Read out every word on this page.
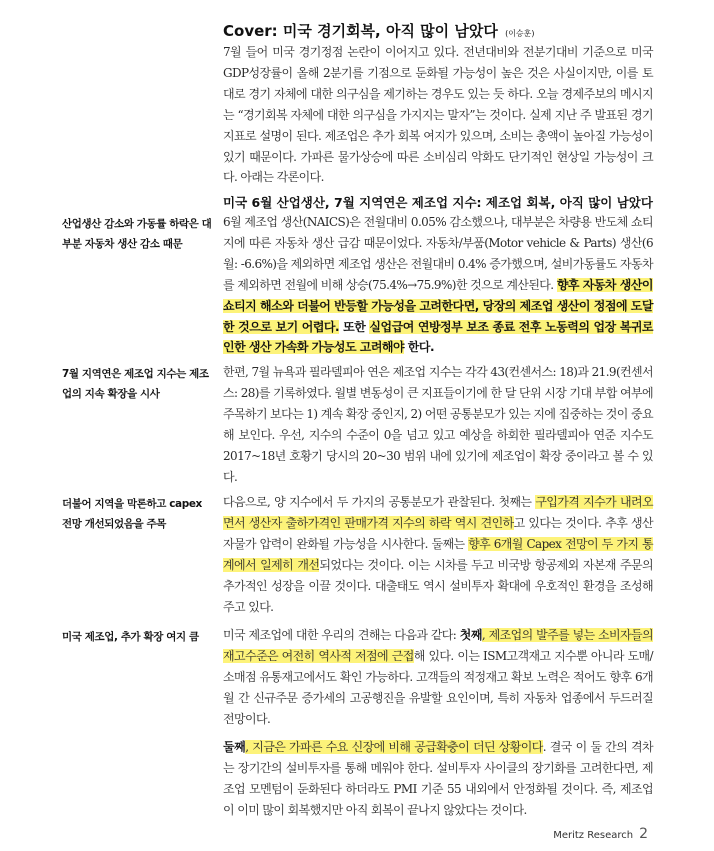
Cover: 미국 경기회복, 아직 많이 남았다 (이승훈)
7월 들어 미국 경기정점 논란이 이어지고 있다. 전년대비와 전분기대비 기준으로 미국 GDP성장률이 올해 2분기를 기점으로 둔화될 가능성이 높은 것은 사실이지만, 이를 토대로 경기 자체에 대한 의구심을 제기하는 경우도 있는 듯 하다. 오늘 경제주보의 메시지는 “경기회복 자체에 대한 의구심을 가지지는 말자”는 것이다. 실제 지난 주 발표된 경기지표로 설명이 된다. 제조업은 추가 회복 여지가 있으며, 소비는 총액이 높아질 가능성이 있기 때문이다. 가파른 물가상승에 따른 소비심리 악화도 단기적인 현상일 가능성이 크다. 아래는 각론이다.
미국 6월 산업생산, 7월 지역연은 제조업 지수: 제조업 회복, 아직 많이 남았다
산업생산 감소와 가동률 하락은 대부분 자동차 생산 감소 때문
6월 제조업 생산(NAICS)은 전월대비 0.05% 감소했으나, 대부분은 차량용 반도체 쇼티지에 따른 자동차 생산 급감 때문이었다. 자동차/부품(Motor vehicle & Parts) 생산(6월: -6.6%)을 제외하면 제조업 생산은 전월대비 0.4% 증가했으며, 설비가동률도 자동차를 제외하면 전월에 비해 상승(75.4%→75.9%)한 것으로 계산된다. 향후 자동차 생산이 쇼티지 해소와 더불어 반등할 가능성을 고려한다면, 당장의 제조업 생산이 정점에 도달한 것으로 보기 어렵다. 또한 실업급여 연방정부 보조 종료 전후 노동력의 업장 복귀로 인한 생산 가속화 가능성도 고려해야 한다.
7월 지역연은 제조업 지수는 제조업의 지속 확장을 시사
한편, 7월 뉴욕과 필라델피아 연은 제조업 지수는 각각 43(컨센서스: 18)과 21.9(컨센서스: 28)를 기록하였다. 월별 변동성이 큰 지표들이기에 한 달 단위 시장 기대 부합 여부에 주목하기 보다는 1) 계속 확장 중인지, 2) 어떤 공통분모가 있는 지에 집중하는 것이 중요해 보인다. 우선, 지수의 수준이 0을 넘고 있고 예상을 하회한 필라델피아 연준 지수도 2017~18년 호황기 당시의 20~30 범위 내에 있기에 제조업이 확장 중이라고 볼 수 있다.
더불어 지역을 막론하고 capex 전망 개선되었음을 주목
다음으로, 양 지수에서 두 가지의 공통분모가 관찰된다. 첫째는 구입가격 지수가 내려오면서 생산자 출하가격인 판매가격 지수의 하락 역시 견인하고 있다는 것이다. 추후 생산자물가 압력이 완화될 가능성을 시사한다. 둘째는 향후 6개월 Capex 전망이 두 가지 통계에서 일제히 개선되었다는 것이다. 이는 시차를 두고 비국방 항공제외 자본재 주문의 추가적인 성장을 이끌 것이다. 대출태도 역시 설비투자 확대에 우호적인 환경을 조성해 주고 있다.
미국 제조업, 추가 확장 여지 큼	미국 제조업에 대한 우리의 견해는 다음과 같다: 첫째, 제조업의 발주를 넣는 소비자들의 재고수준은 여전히 역사적 저점에 근접해 있다. 이는 ISM고객재고 지수뿐 아니라 도매/소매점 유통재고에서도 확인 가능하다. 고객들의 적정재고 확보 노력은 적어도 향후 6개월 간 신규주문 증가세의 고공행진을 유발할 요인이며, 특히 자동차 업종에서 두드러질 전망이다.
둘째, 지금은 가파른 수요 신장에 비해 공급확충이 더딘 상황이다. 결국 이 둘 간의 격차는 장기간의 설비투자를 통해 메워야 한다. 설비투자 사이클의 장기화를 고려한다면, 제조업 모멘텀이 둔화된다 하더라도 PMI 기준 55 내외에서 안정화될 것이다. 즉, 제조업이 이미 많이 회복했지만 아직 회복이 끝나지 않았다는 것이다.
Meritz Research 2
